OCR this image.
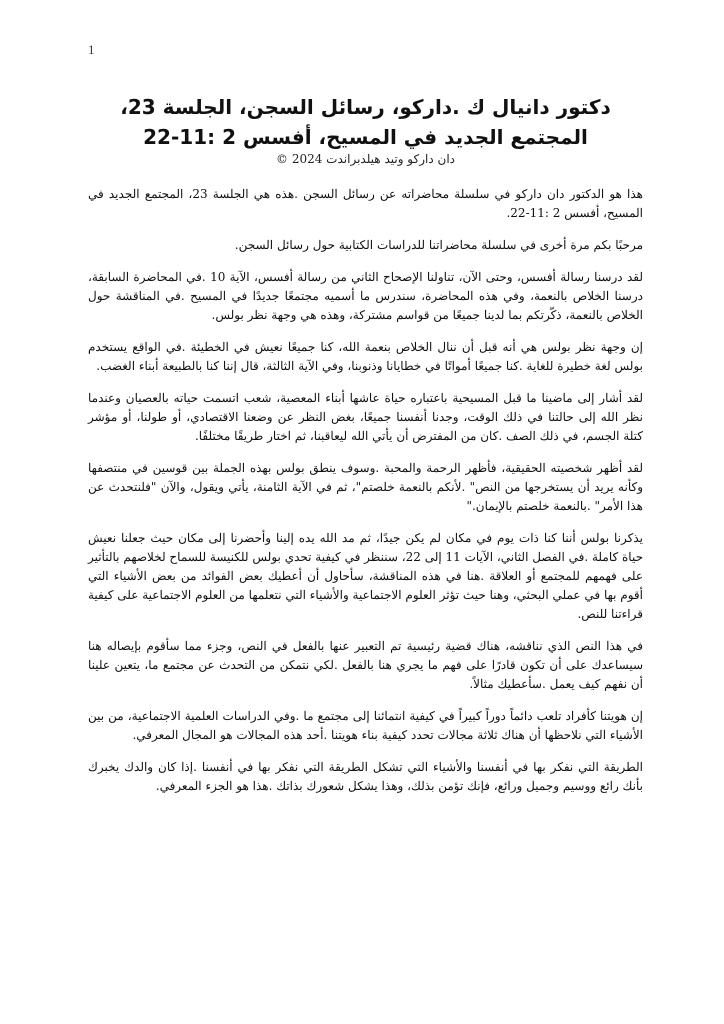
1
دكتور دانيال ك .داركو، رسائل السجن، الجلسة 23، المجتمع الجديد في المسيح، أفسس 2 :11-22
دان داركو وتيد هيلدبراندت 2024 ©

هذا هو الدكتور دان داركو في سلسلة محاضراته عن رسائل السجن .هذه هي الجلسة 23، المجتمع الجديد في المسيح، أفسس 2 :11-22.

مرحبًا بكم مرة أخرى في سلسلة محاضراتنا للدراسات الكتابية حول رسائل السجن.

لقد درسنا رسالة أفسس، وحتى الآن، تناولنا الإصحاح الثاني من رسالة أفسس، الآية 10 .في المحاضرة السابقة، درسنا الخلاص بالنعمة، وفي هذه المحاضرة، سندرس ما أسميه مجتمعًا جديدًا في المسيح .في المناقشة حول الخلاص بالنعمة، ذكّرتكم بما لدينا جميعًا من قواسم مشتركة، وهذه هي وجهة نظر بولس.

إن وجهة نظر بولس هي أنه قبل أن ننال الخلاص بنعمة الله، كنا جميعًا نعيش في الخطيئة .في الواقع يستخدم بولس لغة خطيرة للغاية .كنا جميعًا أمواتًا في خطايانا وذنوبنا، وفي الآية الثالثة، قال إننا كنا بالطبيعة أبناء الغضب.

لقد أشار إلى ماضينا ما قبل المسيحية باعتباره حياة عاشها أبناء المعصية، شعب اتسمت حياته بالعصيان وعندما نظر الله إلى حالتنا في ذلك الوقت، وجدنا أنفسنا جميعًا، بغض النظر عن وضعنا الاقتصادي، أو طولنا، أو مؤشر كتلة الجسم، في ذلك الصف .كان من المفترض أن يأتي الله ليعاقبنا، ثم اختار طريقًا مختلفًا.

لقد أظهر شخصيته الحقيقية، فأظهر الرحمة والمحبة .وسوف ينطق بولس بهذه الجملة بين قوسين في منتصفها وكأنه يريد أن يستخرجها من النص" .لأنكم بالنعمة خلصتم"، ثم في الآية الثامنة، يأتي ويقول، والآن "فلنتحدث عن هذا الأمر" .بالنعمة خلصتم بالإيمان."

يذكرنا بولس أننا كنا ذات يوم في مكان لم يكن جيدًا، ثم مد الله يده إلينا وأحضرنا إلى مكان حيث جعلنا نعيش حياة كاملة .في الفصل الثاني، الآيات 11 إلى 22، سننظر في كيفية تحدي بولس للكنيسة للسماح لخلاصهم بالتأثير على فهمهم للمجتمع أو العلاقة .هنا في هذه المناقشة، سأحاول أن أعطيك بعض الفوائد من بعض الأشياء التي أقوم بها في عملي البحثي، وهنا حيث تؤثر العلوم الاجتماعية والأشياء التي نتعلمها من العلوم الاجتماعية على كيفية قراءتنا للنص.

في هذا النص الذي نناقشه، هناك قضية رئيسية تم التعبير عنها بالفعل في النص، وجزء مما سأقوم بإيصاله هنا سيساعدك على أن تكون قادرًا على فهم ما يجري هنا بالفعل .لكي نتمكن من التحدث عن مجتمع ما، يتعين علينا أن نفهم كيف يعمل .سأعطيك مثالاً.

إن هويتنا كأفراد تلعب دائماً دوراً كبيراً في كيفية انتمائنا إلى مجتمع ما .وفي الدراسات العلمية الاجتماعية، من بين الأشياء التي نلاحظها أن هناك ثلاثة مجالات تحدد كيفية بناء هويتنا .أحد هذه المجالات هو المجال المعرفي.

الطريقة التي نفكر بها في أنفسنا والأشياء التي تشكل الطريقة التي نفكر بها في أنفسنا .إذا كان والدك يخبرك بأنك رائع ووسيم وجميل ورائع، فإنك تؤمن بذلك، وهذا يشكل شعورك بذاتك .هذا هو الجزء المعرفي.
